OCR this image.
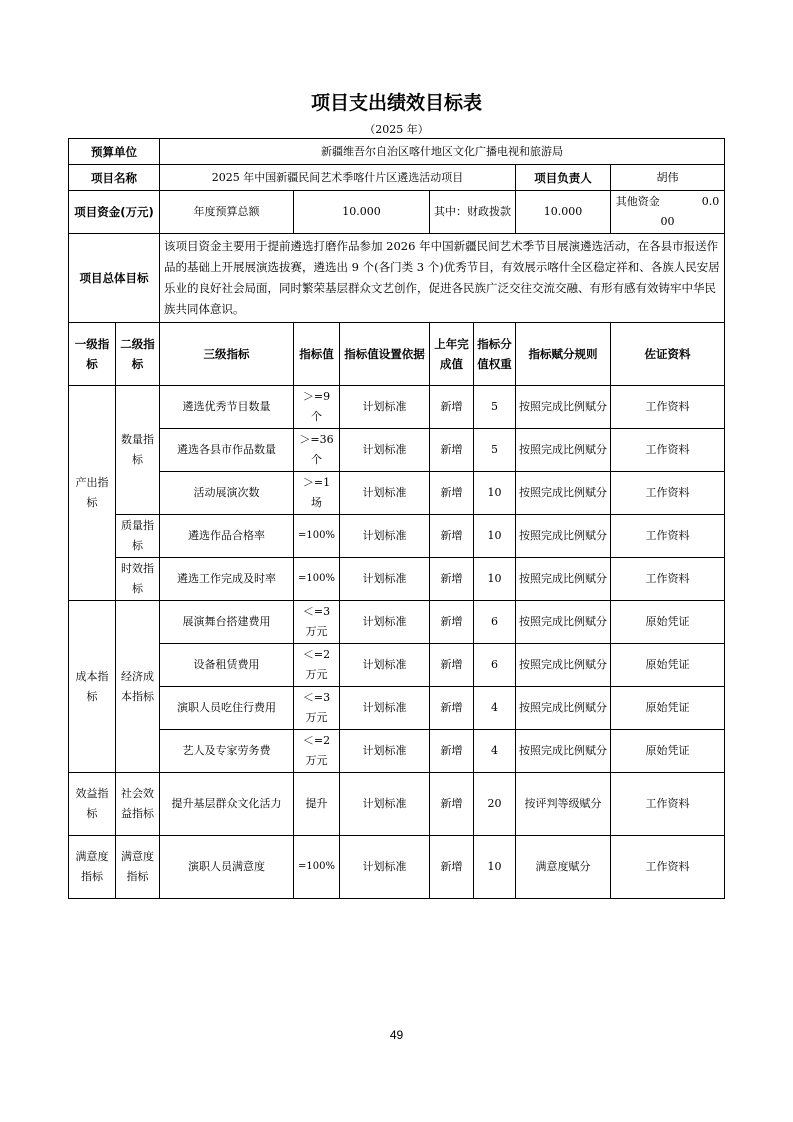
项目支出绩效目标表
（2025 年）
预算单位		新疆维吾尔自治区喀什地区文化广播电视和旅游局						
项目名称		2025 年中国新疆民间艺术季喀什片区遴选活动项目					项目负责人	胡伟
项目资金(万元)		年度预算总额	10.000		其中：财政拨款		10.000	其他资金 0.000
项目总体目标		该项目资金主要用于提前遴选打磨作品参加 2026 年中国新疆民间艺术季节目展演遴选活动，在各县市报送作品的基础上开展展演选拔赛，遴选出 9 个(各门类 3 个)优秀节目，有效展示喀什全区稳定祥和、各族人民安居乐业的良好社会局面，同时繁荣基层群众文艺创作，促进各民族广泛交往交流交融、有形有感有效铸牢中华民族共同体意识。						
一级指标	二级指标	三级指标	指标值	指标值设置依据	上年完成值	指标分值权重	指标赋分规则	佐证资料
产出指标	数量指标	遴选优秀节目数量	＞=9 个	计划标准	新增	5	按照完成比例赋分	工作资料
		遴选各县市作品数量	＞=36 个	计划标准	新增	5	按照完成比例赋分	工作资料
		活动展演次数	＞=1 场	计划标准	新增	10	按照完成比例赋分	工作资料
	质量指标	遴选作品合格率	=100%	计划标准	新增	10	按照完成比例赋分	工作资料
	时效指标	遴选工作完成及时率	=100%	计划标准	新增	10	按照完成比例赋分	工作资料
成本指标	经济成本指标	展演舞台搭建费用	＜=3 万元	计划标准	新增	6	按照完成比例赋分	原始凭证
		设备租赁费用	＜=2 万元	计划标准	新增	6	按照完成比例赋分	原始凭证
		演职人员吃住行费用	＜=3 万元	计划标准	新增	4	按照完成比例赋分	原始凭证
		艺人及专家劳务费	＜=2 万元	计划标准	新增	4	按照完成比例赋分	原始凭证
效益指标	社会效益指标	提升基层群众文化活力	提升	计划标准	新增	20	按评判等级赋分	工作资料
满意度指标	满意度指标	演职人员满意度	=100%	计划标准	新增	10	满意度赋分	工作资料
49
